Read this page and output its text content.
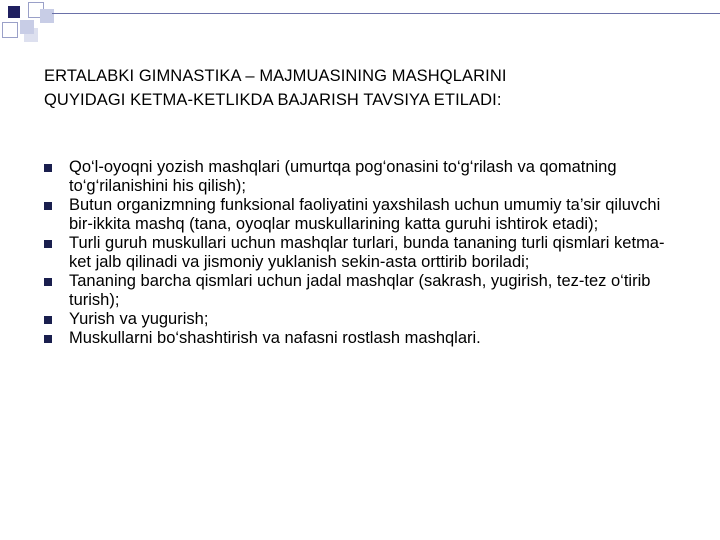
ERTALABKI GIMNASTIKA – MAJMUASINING MASHQLARINI
QUYIDAGI KETMA-KETLIKDA BAJARISH TAVSIYA ETILADI:
Qo‘l-oyoqni yozish mashqlari (umurtqa pog‘onasini to‘g‘rilash va qomatning to‘g‘rilanishini his qilish);
Butun organizmning funksional faoliyatini yaxshilash uchun umumiy ta’sir qiluvchi bir-ikkita mashq (tana, oyoqlar muskullarining katta guruhi ishtirok etadi);
Turli guruh muskullari uchun mashqlar turlari, bunda tananing turli qismlari ketma-ket jalb qilinadi va jismoniy yuklanish sekin-asta orttirib boriladi;
Tananing barcha qismlari uchun jadal mashqlar (sakrash, yugirish, tez-tez o‘tirib turish);
Yurish va yugurish;
Muskullarni bo‘shashtirish va nafasni rostlash mashqlari.
